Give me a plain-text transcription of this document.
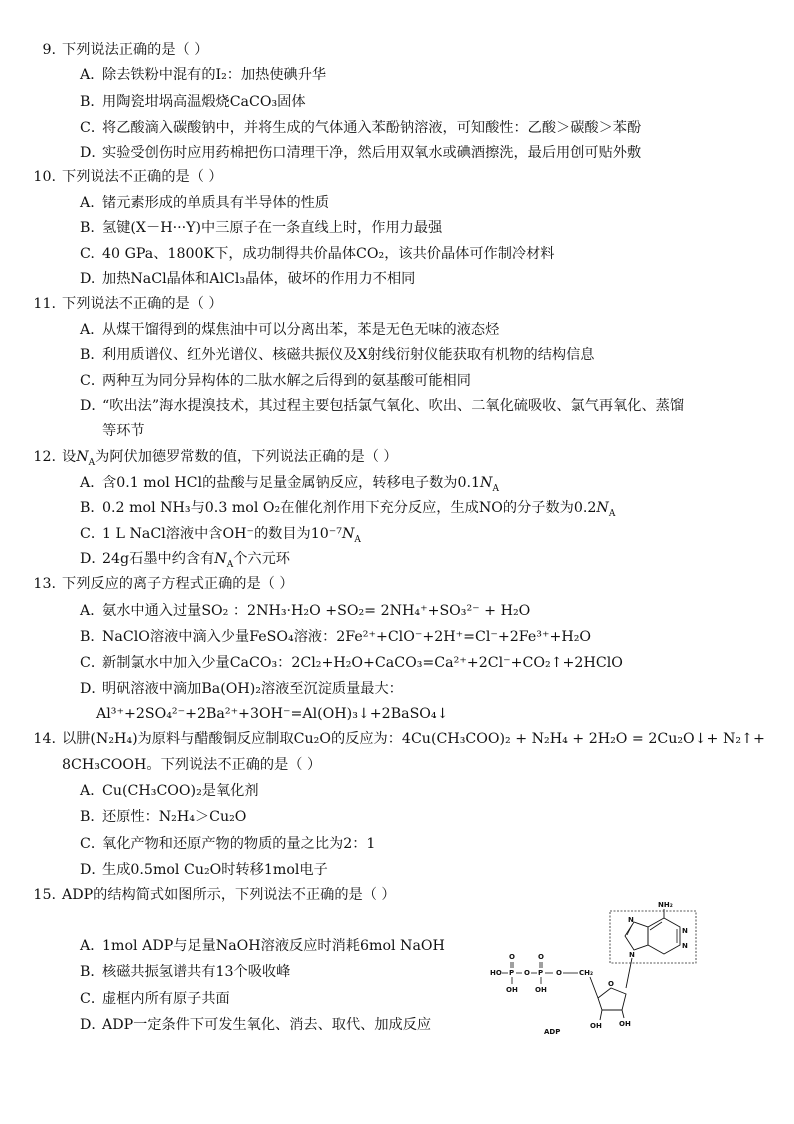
9. 下列说法正确的是（ ）
A．除去铁粉中混有的I₂：加热使碘升华
B．用陶瓷坩埚高温煅烧CaCO₃固体
C．将乙酸滴入碳酸钠中，并将生成的气体通入苯酚钠溶液，可知酸性：乙酸＞碳酸＞苯酚
D．实验受创伤时应用药棉把伤口清理干净，然后用双氧水或碘酒擦洗，最后用创可贴外敷
10. 下列说法不正确的是（ ）
A. 锗元素形成的单质具有半导体的性质
B. 氢键(X－H···Y)中三原子在一条直线上时，作用力最强
C. 40 GPa、1800K下，成功制得共价晶体CO₂，该共价晶体可作制冷材料
D. 加热NaCl晶体和AlCl₃晶体，破坏的作用力不相同
11. 下列说法不正确的是（ ）
A．从煤干馏得到的煤焦油中可以分离出苯，苯是无色无味的液态烃
B．利用质谱仪、红外光谱仪、核磁共振仪及X射线衍射仪能获取有机物的结构信息
C．两种互为同分异构体的二肽水解之后得到的氨基酸可能相同
D．“吹出法”海水提溴技术，其过程主要包括氯气氧化、吹出、二氧化硫吸收、氯气再氧化、蒸馏
等环节
12. 设$N_A$为阿伏加德罗常数的值，下列说法正确的是（ ）
A．含0.1 mol HCl的盐酸与足量金属钠反应，转移电子数为$0.1N_A$
B．0.2 mol NH₃与0.3 mol O₂在催化剂作用下充分反应，生成NO的分子数为$0.2N_A$
C．1 L NaCl溶液中含OH⁻的数目为$10^{-7}N_A$
D．24g石墨中约含有$N_A$个六元环
13. 下列反应的离子方程式正确的是（ ）
A．氨水中通入过量SO₂ ：2NH₃·H₂O +SO₂= 2NH₄⁺+SO₃²⁻ + H₂O
B．NaClO溶液中滴入少量FeSO₄溶液：2Fe²⁺+ClO⁻+2H⁺=Cl⁻+2Fe³⁺+H₂O
C．新制氯水中加入少量CaCO₃：2Cl₂+H₂O+CaCO₃=Ca²⁺+2Cl⁻+CO₂↑+2HClO
D．明矾溶液中滴加Ba(OH)₂溶液至沉淀质量最大：
Al³⁺+2SO₄²⁻+2Ba²⁺+3OH⁻=Al(OH)₃↓+2BaSO₄↓
14. 以肼(N₂H₄)为原料与醋酸铜反应制取Cu₂O的反应为：4Cu(CH₃COO)₂ + N₂H₄ + 2H₂O = 2Cu₂O↓+ N₂↑+
8CH₃COOH。下列说法不正确的是（ ）
A．Cu(CH₃COO)₂是氧化剂
B．还原性：N₂H₄＞Cu₂O
C．氧化产物和还原产物的物质的量之比为2：1
D．生成0.5mol Cu₂O时转移1mol电子
15. ADP的结构简式如图所示，下列说法不正确的是（ ）
A．1mol ADP与足量NaOH溶液反应时消耗6mol NaOH
B．核磁共振氢谱共有13个吸收峰
C．虚框内所有原子共面
D．ADP一定条件下可发生氧化、消去、取代、加成反应
NH₂
N
N
N
N
O
OH OH
CH₂
HO P
O
OH
O P
O
OH
O
ADP
